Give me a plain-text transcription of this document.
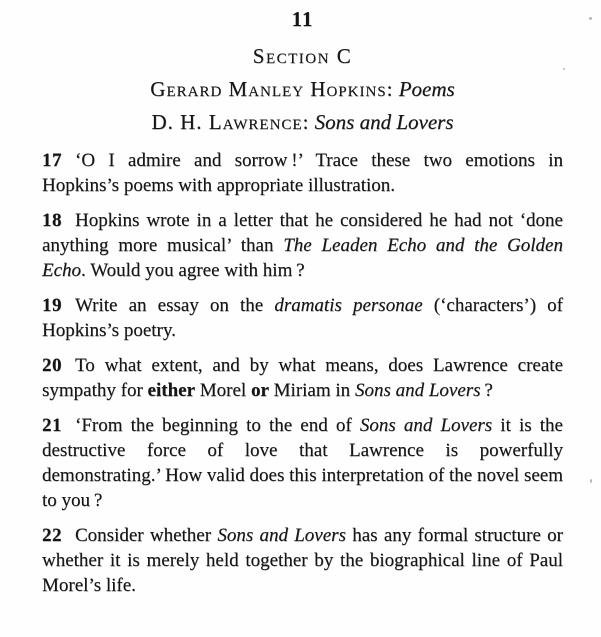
11
Section C
Gerard Manley Hopkins: Poems
D. H. Lawrence: Sons and Lovers

17 ‘O I admire and sorrow !’ Trace these two emotions in Hopkins’s poems with appropriate illustration.

18 Hopkins wrote in a letter that he considered he had not ‘done anything more musical’ than The Leaden Echo and the Golden Echo. Would you agree with him ?

19 Write an essay on the dramatis personae (‘characters’) of Hopkins’s poetry.

20 To what extent, and by what means, does Lawrence create sympathy for either Morel or Miriam in Sons and Lovers ?

21 ‘From the beginning to the end of Sons and Lovers it is the destructive force of love that Lawrence is powerfully demonstrating.’ How valid does this interpretation of the novel seem to you ?

22 Consider whether Sons and Lovers has any formal structure or whether it is merely held together by the biographical line of Paul Morel’s life.
